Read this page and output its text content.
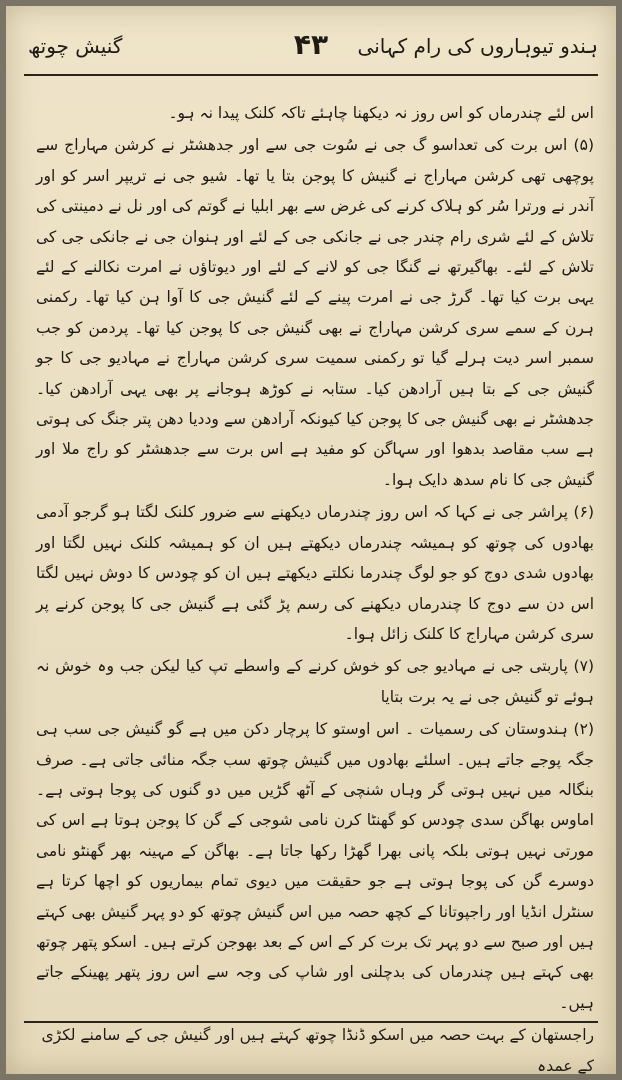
ہندو تیوہاروں کی رام کہانی
۴۳
گنیش چوتھ

اس لئے چندرماں کو اس روز نہ دیکھنا چاہئے تاکہ کلنک پیدا نہ ہو۔

(۵) اس برت کی تعداسو گ جی نے سُوت جی سے اور جدھشٹر نے کرشن مہاراج سے پوچھی تھی کرشن مہاراج نے گنیش کا پوجن بتا یا تھا۔ شیو جی نے تریپر اسر کو اور آندر نے ورترا سُر کو ہلاک کرنے کی غرض سے بھر ابلیا نے گوتم کی اور نل نے دمینتی کی تلاش کے لئے شری رام چندر جی نے جانکی جی کے لئے اور ہنوان جی نے جانکی جی کی تلاش کے لئے۔ بھاگیرتھ نے گنگا جی کو لانے کے لئے اور دیوتاؤں نے امرت نکالنے کے لئے یہی برت کیا تھا۔ گرڑ جی نے امرت پینے کے لئے گنیش جی کا آوا ہن کیا تھا۔ رکمنی ہرن کے سمے سری کرشن مہاراج نے بھی گنیش جی کا پوجن کیا تھا۔ پردمن کو جب سمبر اسر دیت ہرلے گیا تو رکمنی سمیت سری کرشن مہاراج نے مہادیو جی کا جو گنیش جی کے بتا ہیں آرادھن کیا۔ ستابہ نے کوڑھ ہوجانے پر بھی یہی آرادھن کیا۔ جدھشٹر نے بھی گنیش جی کا پوجن کیا کیونکہ آرادھن سے وددیا دھن پتر جنگ کی ہوتی ہے سب مقاصد بدھوا اور سہاگن کو مفید ہے اس برت سے جدھشٹر کو راج ملا اور گنیش جی کا نام سدھ دایک ہوا۔

(۶) پراشر جی نے کہا کہ اس روز چندرماں دیکھنے سے ضرور کلنک لگتا ہو گرجو آدمی بھادوں کی چوتھ کو ہمیشہ چندرماں دیکھتے ہیں ان کو ہمیشہ کلنک نہیں لگتا اور بھادوں شدی دوج کو جو لوگ چندرما نکلتے دیکھتے ہیں ان کو چودس کا دوش نہیں لگتا اس دن سے دوج کا چندرماں دیکھنے کی رسم پڑ گئی ہے گنیش جی کا پوجن کرنے پر سری کرشن مہاراج کا کلنک زائل ہوا۔

(۷) پاربتی جی نے مہادیو جی کو خوش کرنے کے واسطے تپ کیا لیکن جب وہ خوش نہ ہوئے تو گنیش جی نے یہ برت بتایا

(۲) ہندوستان کی رسمیات ۔ اس اوستو کا پرچار دکن میں ہے گو گنیش جی سب ہی جگہ پوجے جاتے ہیں۔ اسلئے بھادوں میں گنیش چوتھ سب جگہ منائی جاتی ہے۔ صرف بنگالہ میں نہیں ہوتی گر وہاں شنچی کے آٹھ گڑیں میں دو گنوں کی پوجا ہوتی ہے۔ اماوس بھاگن سدی چودس کو گھنٹا کرن نامی شوجی کے گن کا پوجن ہوتا ہے اس کی مورتی نہیں ہوتی بلکہ پانی بھرا گھڑا رکھا جاتا ہے۔ بھاگن کے مہینہ بھر گھنٹو نامی دوسرے گن کی پوجا ہوتی ہے جو حقیقت میں دیوی تمام بیماریوں کو اچھا کرتا ہے سنٹرل انڈیا اور راجپوتانا کے کچھ حصہ میں اس گنیش چوتھ کو دو پہر گنیش بھی کہتے ہیں اور صبح سے دو پہر تک برت کر کے اس کے بعد بھوجن کرتے ہیں۔ اسکو پتھر چوتھ بھی کہتے ہیں چندرماں کی بدچلنی اور شاپ کی وجہ سے اس روز پتھر پھینکے جاتے ہیں۔

راجستھان کے بہت حصہ میں اسکو ڈنڈا چوتھ کہتے ہیں اور گنیش جی کے سامنے لکڑی کے عمدہ
